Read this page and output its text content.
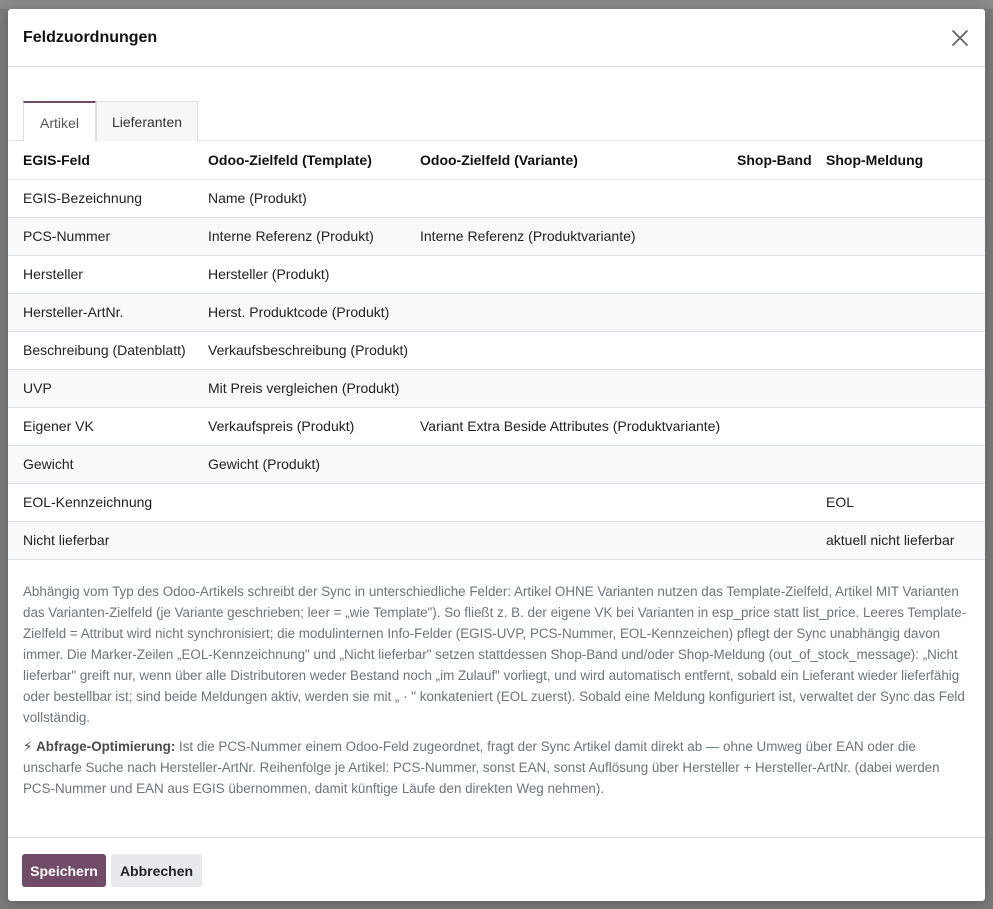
Feldzuordnungen
Artikel	Lieferanten
EGIS-Feld	Odoo-Zielfeld (Template)	Odoo-Zielfeld (Variante)	Shop-Band	Shop-Meldung
EGIS-Bezeichnung	Name (Produkt)			
PCS-Nummer	Interne Referenz (Produkt)	Interne Referenz (Produktvariante)		
Hersteller	Hersteller (Produkt)			
Hersteller-ArtNr.	Herst. Produktcode (Produkt)			
Beschreibung (Datenblatt)	Verkaufsbeschreibung (Produkt)			
UVP	Mit Preis vergleichen (Produkt)			
Eigener VK	Verkaufspreis (Produkt)	Variant Extra Beside Attributes (Produktvariante)		
Gewicht	Gewicht (Produkt)			
EOL-Kennzeichnung				EOL
Nicht lieferbar				aktuell nicht lieferbar

Abhängig vom Typ des Odoo-Artikels schreibt der Sync in unterschiedliche Felder: Artikel OHNE Varianten nutzen das Template-Zielfeld, Artikel MIT Varianten das Varianten-Zielfeld (je Variante geschrieben; leer = „wie Template"). So fließt z. B. der eigene VK bei Varianten in esp_price statt list_price. Leeres Template-Zielfeld = Attribut wird nicht synchronisiert; die modulinternen Info-Felder (EGIS-UVP, PCS-Nummer, EOL-Kennzeichen) pflegt der Sync unabhängig davon immer. Die Marker-Zeilen „EOL-Kennzeichnung" und „Nicht lieferbar" setzen stattdessen Shop-Band und/oder Shop-Meldung (out_of_stock_message): „Nicht lieferbar" greift nur, wenn über alle Distributoren weder Bestand noch „im Zulauf" vorliegt, und wird automatisch entfernt, sobald ein Lieferant wieder lieferfähig oder bestellbar ist; sind beide Meldungen aktiv, werden sie mit „ · " konkateniert (EOL zuerst). Sobald eine Meldung konfiguriert ist, verwaltet der Sync das Feld vollständig.

⚡ Abfrage-Optimierung: Ist die PCS-Nummer einem Odoo-Feld zugeordnet, fragt der Sync Artikel damit direkt ab — ohne Umweg über EAN oder die unscharfe Suche nach Hersteller-ArtNr. Reihenfolge je Artikel: PCS-Nummer, sonst EAN, sonst Auflösung über Hersteller + Hersteller-ArtNr. (dabei werden PCS-Nummer und EAN aus EGIS übernommen, damit künftige Läufe den direkten Weg nehmen).

Speichern	Abbrechen
